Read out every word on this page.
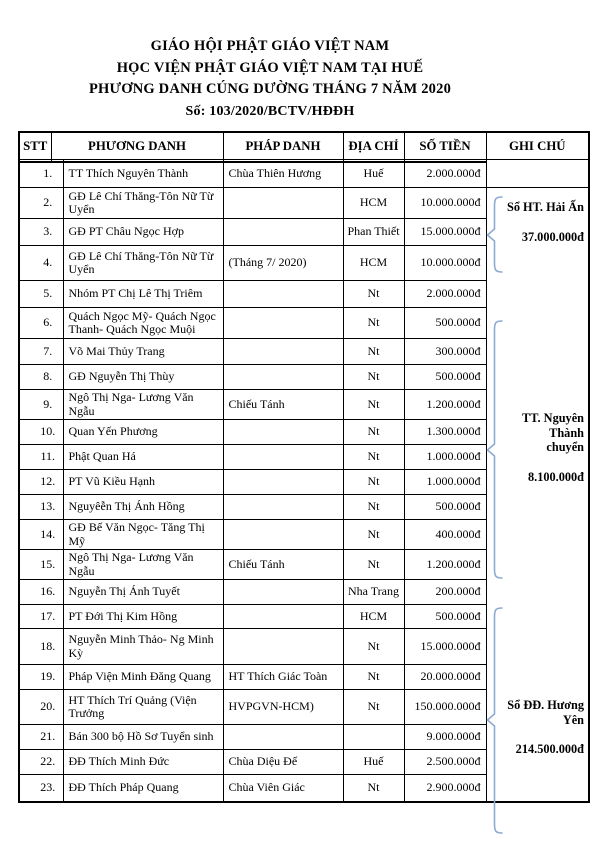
GIÁO HỘI PHẬT GIÁO VIỆT NAM
HỌC VIỆN PHẬT GIÁO VIỆT NAM TẠI HUẾ
PHƯƠNG DANH CÚNG DƯỜNG THÁNG 7 NĂM 2020
Số: 103/2020/BCTV/HĐĐH
STT	PHƯƠNG DANH	PHÁP DANH	ĐỊA CHỈ	SỐ TIỀN	GHI CHÚ
1.	TT Thích Nguyên Thành	Chùa Thiên Hương	Huế	2.000.000đ	
2.	GĐ Lê Chí Thăng-Tôn Nữ Từ Uyển		HCM	10.000.000đ	
3.	GĐ PT Châu Ngọc Hợp		Phan Thiết	15.000.000đ	
4.	GĐ Lê Chí Thăng-Tôn Nữ Từ Uyển	(Tháng 7/ 2020)	HCM	10.000.000đ	
5.	Nhóm PT Chị Lê Thị Triêm		Nt	2.000.000đ	
6.	Quách Ngọc Mỹ- Quách Ngọc Thanh- Quách Ngọc Muội		Nt	500.000đ	
7.	Võ Mai Thủy Trang		Nt	300.000đ	
8.	GĐ Nguyễn Thị Thùy		Nt	500.000đ	
9.	Ngô Thị Nga- Lương Văn Ngẫu	Chiếu Tánh	Nt	1.200.000đ	
10.	Quan Yến Phương		Nt	1.300.000đ	
11.	Phật Quan Há		Nt	1.000.000đ	
12.	PT Vũ Kiều Hạnh		Nt	1.000.000đ	
13.	Nguyêễn Thị Ánh Hồng		Nt	500.000đ	
14.	GĐ Bế Văn Ngọc- Tăng Thị Mỹ		Nt	400.000đ	
15.	Ngô Thị Nga- Lương Văn Ngẫu	Chiếu Tánh	Nt	1.200.000đ	
16.	Nguyễn Thị Ánh Tuyết		Nha Trang	200.000đ	
17.	PT Đới Thị Kim Hồng		HCM	500.000đ	
18.	Nguyễn Minh Thảo- Ng Minh Kỳ		Nt	15.000.000đ	
19.	Pháp Viện Minh Đăng Quang	HT Thích Giác Toàn	Nt	20.000.000đ	
20.	HT Thích Trí Quảng (Viện Trưởng	HVPGVN-HCM)	Nt	150.000.000đ	
21.	Bán 300 bộ Hồ Sơ Tuyển sinh			9.000.000đ	
22.	ĐĐ Thích Minh Đức	Chùa Diệu Đế	Huế	2.500.000đ	
23.	ĐĐ Thích Pháp Quang	Chùa Viên Giác	Nt	2.900.000đ	
Sổ HT. Hải Ấn
37.000.000đ
TT. Nguyên Thành
chuyển
8.100.000đ
Sổ ĐĐ. Hương Yên
214.500.000đ
